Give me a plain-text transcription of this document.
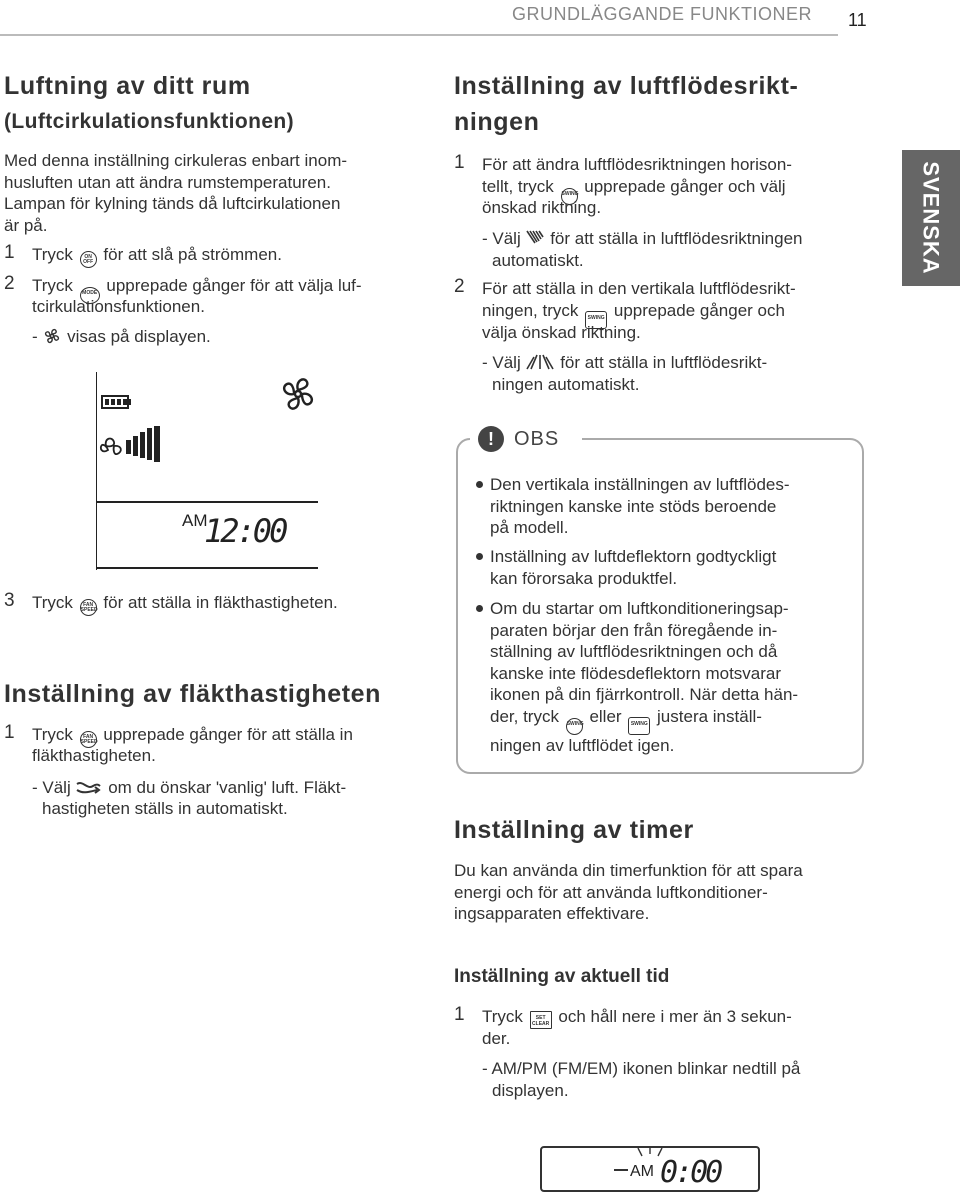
GRUNDLÄGGANDE FUNKTIONER 11
SVENSKA
Luftning av ditt rum
(Luftcirkulationsfunktionen)
Med denna inställning cirkuleras enbart inom-
husluften utan att ändra rumstemperaturen.
Lampan för kylning tänds då luftcirkulationen
är på.
1 Tryck ON OFF för att slå på strömmen.
2 Tryck MODE upprepade gånger för att välja luf-
tcirkulationsfunktionen.
- visas på displayen.
AM
12:00
3 Tryck FAN SPEED för att ställa in fläkthastigheten.
Inställning av fläkthastigheten
1 Tryck FAN SPEED upprepade gånger för att ställa in
fläkthastigheten.
- Välj om du önskar 'vanlig' luft. Fläkt-
hastigheten ställs in automatiskt.
Inställning av luftflödesrikt-
ningen
1 För att ändra luftflödesriktningen horison-
tellt, tryck SWING upprepade gånger och välj
önskad riktning.
- Välj för att ställa in luftflödesriktningen
automatiskt.
2 För att ställa in den vertikala luftflödesrikt-
ningen, tryck SWING upprepade gånger och
välja önskad riktning.
- Välj för att ställa in luftflödesrikt-
ningen automatiskt.
!	OBS
Den vertikala inställningen av luftflödes-
riktningen kanske inte stöds beroende
på modell.
Inställning av luftdeflektorn godtyckligt
kan förorsaka produktfel.
Om du startar om luftkonditioneringsap-
paraten börjar den från föregående in-
ställning av luftflödesriktningen och då
kanske inte flödesdeflektorn motsvarar
ikonen på din fjärrkontroll. När detta hän-
der, tryck SWING eller SWING justera inställ-
ningen av luftflödet igen.
Inställning av timer
Du kan använda din timerfunktion för att spara
energi och för att använda luftkonditioner-
ingsapparaten effektivare.
Inställning av aktuell tid
1 Tryck	SET CLEAR och håll nere i mer än 3 sekun-
der.
- AM/PM (FM/EM) ikonen blinkar nedtill på
displayen.
AM 0:00
